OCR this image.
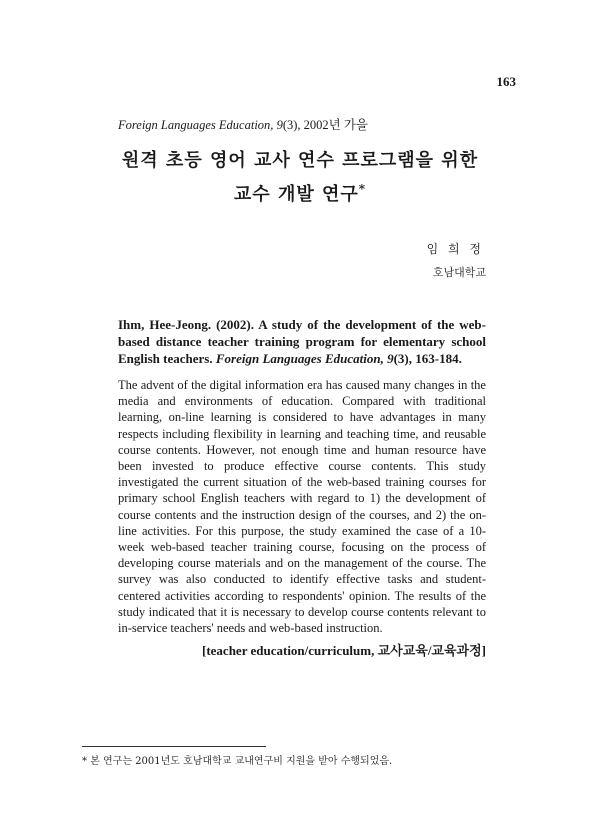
163
Foreign Languages Education, 9(3), 2002년 가을
원격 초등 영어 교사 연수 프로그램을 위한
교수 개발 연구*
임 희 정
호남대학교
Ihm, Hee-Jeong. (2002). A study of the development of the web-based distance teacher training program for elementary school English teachers. Foreign Languages Education, 9(3), 163-184.
The advent of the digital information era has caused many changes in the media and environments of education. Compared with traditional learning, on-line learning is considered to have advantages in many respects including flexibility in learning and teaching time, and reusable course contents. However, not enough time and human resource have been invested to produce effective course contents. This study investigated the current situation of the web-based training courses for primary school English teachers with regard to 1) the development of course contents and the instruction design of the courses, and 2) the on-line activities. For this purpose, the study examined the case of a 10-week web-based teacher training course, focusing on the process of developing course materials and on the management of the course. The survey was also conducted to identify effective tasks and student-centered activities according to respondents' opinion. The results of the study indicated that it is necessary to develop course contents relevant to in-service teachers' needs and web-based instruction.
[teacher education/curriculum, 교사교육/교육과정]
* 본 연구는 2001년도 호남대학교 교내연구비 지원을 받아 수행되었음.
